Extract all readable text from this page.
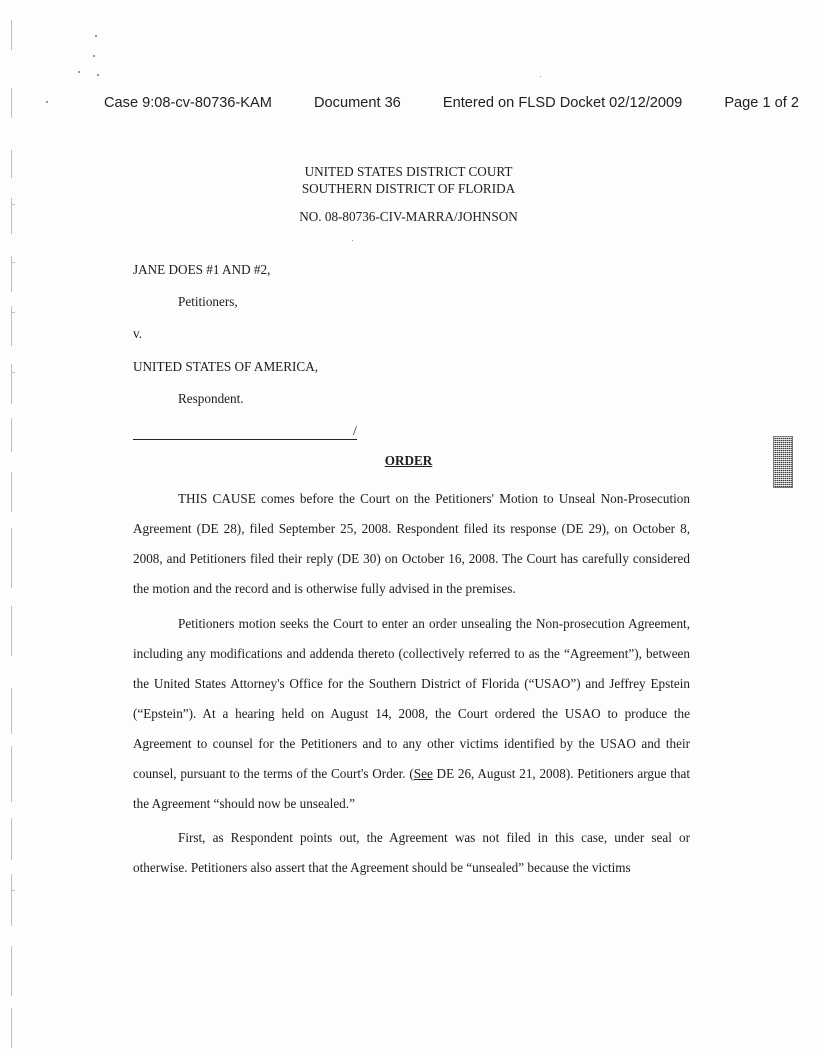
Case 9:08-cv-80736-KAM	Document 36	Entered on FLSD Docket 02/12/2009	Page 1 of 2
UNITED STATES DISTRICT COURT
SOUTHERN DISTRICT OF FLORIDA
NO. 08-80736-CIV-MARRA/JOHNSON
JANE DOES #1 AND #2,
Petitioners,
v.
UNITED STATES OF AMERICA,
Respondent.
/
ORDER

THIS CAUSE comes before the Court on the Petitioners' Motion to Unseal Non-Prosecution Agreement (DE 28), filed September 25, 2008. Respondent filed its response (DE 29), on October 8, 2008, and Petitioners filed their reply (DE 30) on October 16, 2008. The Court has carefully considered the motion and the record and is otherwise fully advised in the premises.

Petitioners motion seeks the Court to enter an order unsealing the Non-prosecution Agreement, including any modifications and addenda thereto (collectively referred to as the “Agreement”), between the United States Attorney's Office for the Southern District of Florida (“USAO”) and Jeffrey Epstein (“Epstein”). At a hearing held on August 14, 2008, the Court ordered the USAO to produce the Agreement to counsel for the Petitioners and to any other victims identified by the USAO and their counsel, pursuant to the terms of the Court's Order. (See DE 26, August 21, 2008). Petitioners argue that the Agreement “should now be unsealed.”

First, as Respondent points out, the Agreement was not filed in this case, under seal or otherwise. Petitioners also assert that the Agreement should be “unsealed” because the victims
